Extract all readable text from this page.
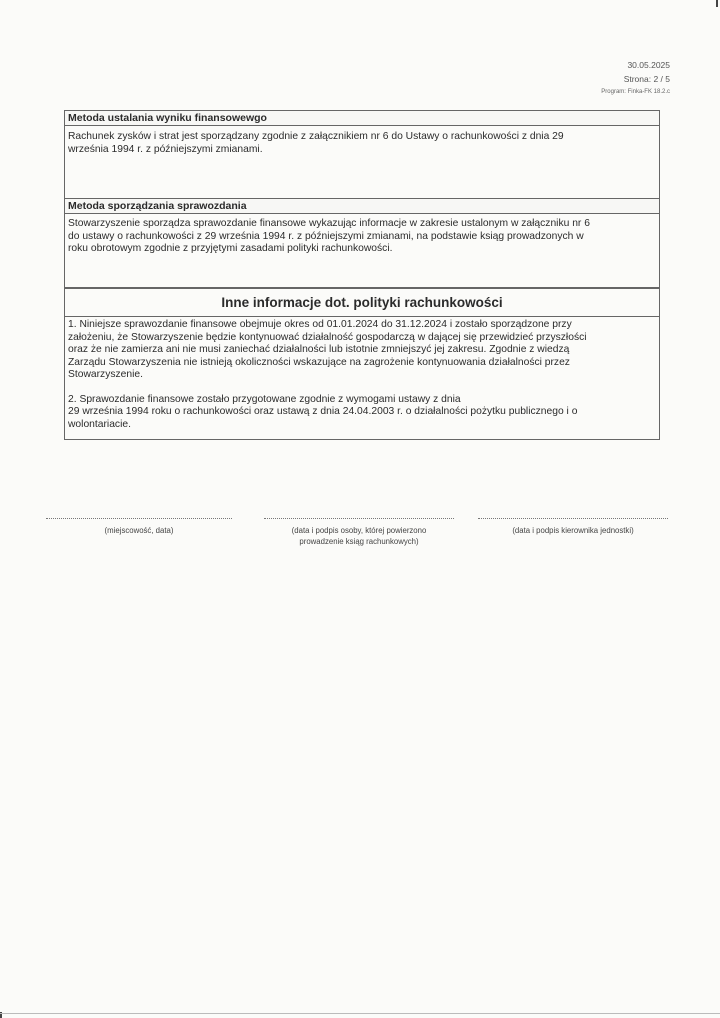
30.05.2025
Strona: 2 / 5
Program: Finka-FK 18.2.c
Metoda ustalania wyniku finansowewgo
Rachunek zysków i strat jest sporządzany zgodnie z załącznikiem nr 6 do Ustawy o rachunkowości z dnia 29
września 1994 r. z późniejszymi zmianami.
Metoda sporządzania sprawozdania
Stowarzyszenie sporządza sprawozdanie finansowe wykazując informacje w zakresie ustalonym w załączniku nr 6
do ustawy o rachunkowości z 29 września 1994 r. z późniejszymi zmianami, na podstawie ksiąg prowadzonych w
roku obrotowym zgodnie z przyjętymi zasadami polityki rachunkowości.
Inne informacje dot. polityki rachunkowości

1. Niniejsze sprawozdanie finansowe obejmuje okres od 01.01.2024 do 31.12.2024 i zostało sporządzone przy
założeniu, że Stowarzyszenie będzie kontynuować działalność gospodarczą w dającej się przewidzieć przyszłości
oraz że nie zamierza ani nie musi zaniechać działalności lub istotnie zmniejszyć jej zakresu. Zgodnie z wiedzą
Zarządu Stowarzyszenia nie istnieją okoliczności wskazujące na zagrożenie kontynuowania działalności przez
Stowarzyszenie.

2. Sprawozdanie finansowe zostało przygotowane zgodnie z wymogami ustawy z dnia
29 września 1994 roku o rachunkowości oraz ustawą z dnia 24.04.2003 r. o działalności pożytku publicznego i o
wolontariacie.

(miejscowość, data)	(data i podpis osoby, której powierzono
prowadzenie ksiąg rachunkowych)
(data i podpis kierownika jednostki)
